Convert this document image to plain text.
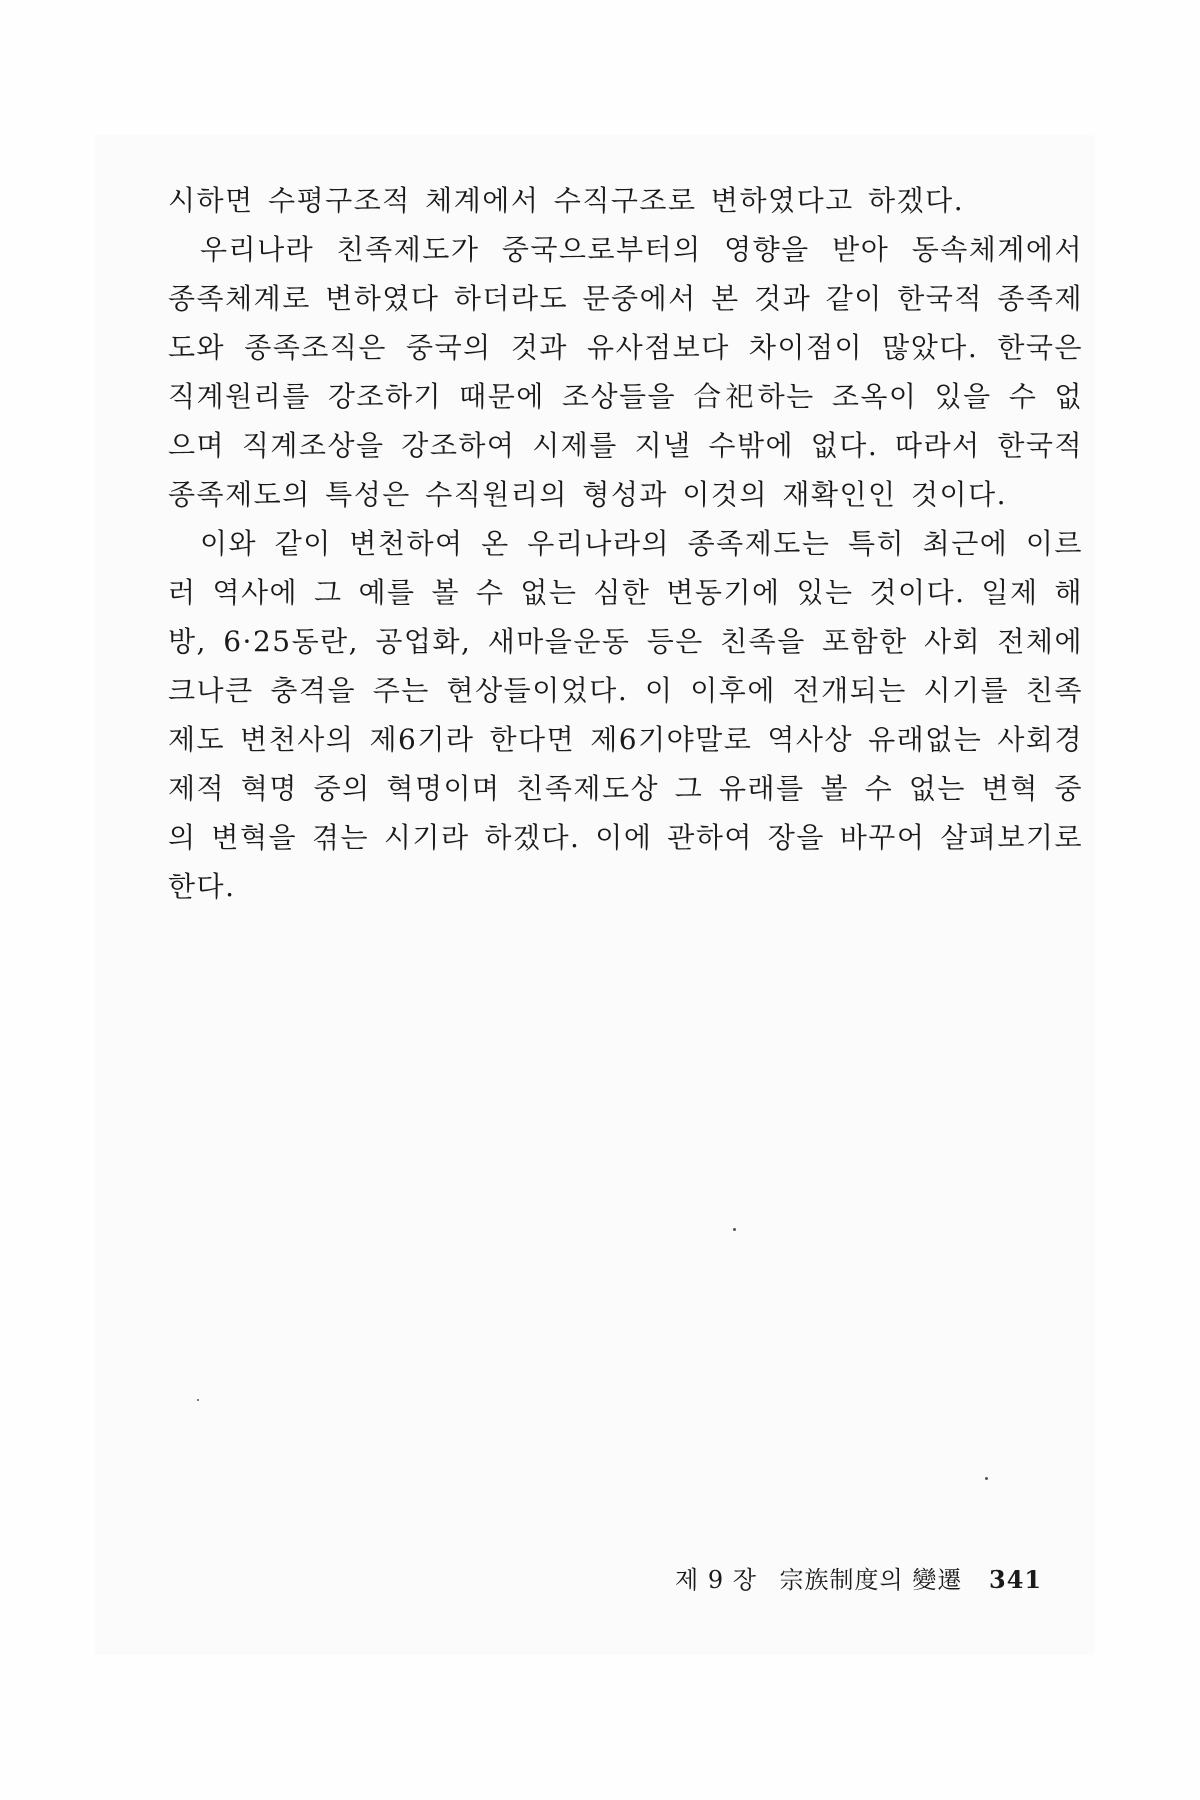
시하면 수평구조적 체계에서 수직구조로 변하였다고 하겠다.

우리나라 친족제도가 중국으로부터의 영향을 받아 동속체계에서 종족체계로 변하였다 하더라도 문중에서 본 것과 같이 한국적 종족제도와 종족조직은 중국의 것과 유사점보다 차이점이 많았다. 한국은 직계원리를 강조하기 때문에 조상들을 合祀하는 조옥이 있을 수 없으며 직계조상을 강조하여 시제를 지낼 수밖에 없다. 따라서 한국적 종족제도의 특성은 수직원리의 형성과 이것의 재확인인 것이다.

이와 같이 변천하여 온 우리나라의 종족제도는 특히 최근에 이르러 역사에 그 예를 볼 수 없는 심한 변동기에 있는 것이다. 일제 해방, 6·25동란, 공업화, 새마을운동 등은 친족을 포함한 사회 전체에 크나큰 충격을 주는 현상들이었다. 이 이후에 전개되는 시기를 친족제도 변천사의 제6기라 한다면 제6기야말로 역사상 유래없는 사회경제적 혁명 중의 혁명이며 친족제도상 그 유래를 볼 수 없는 변혁 중의 변혁을 겪는 시기라 하겠다. 이에 관하여 장을 바꾸어 살펴보기로 한다.

제 9 장 宗族制度의 變遷 341
